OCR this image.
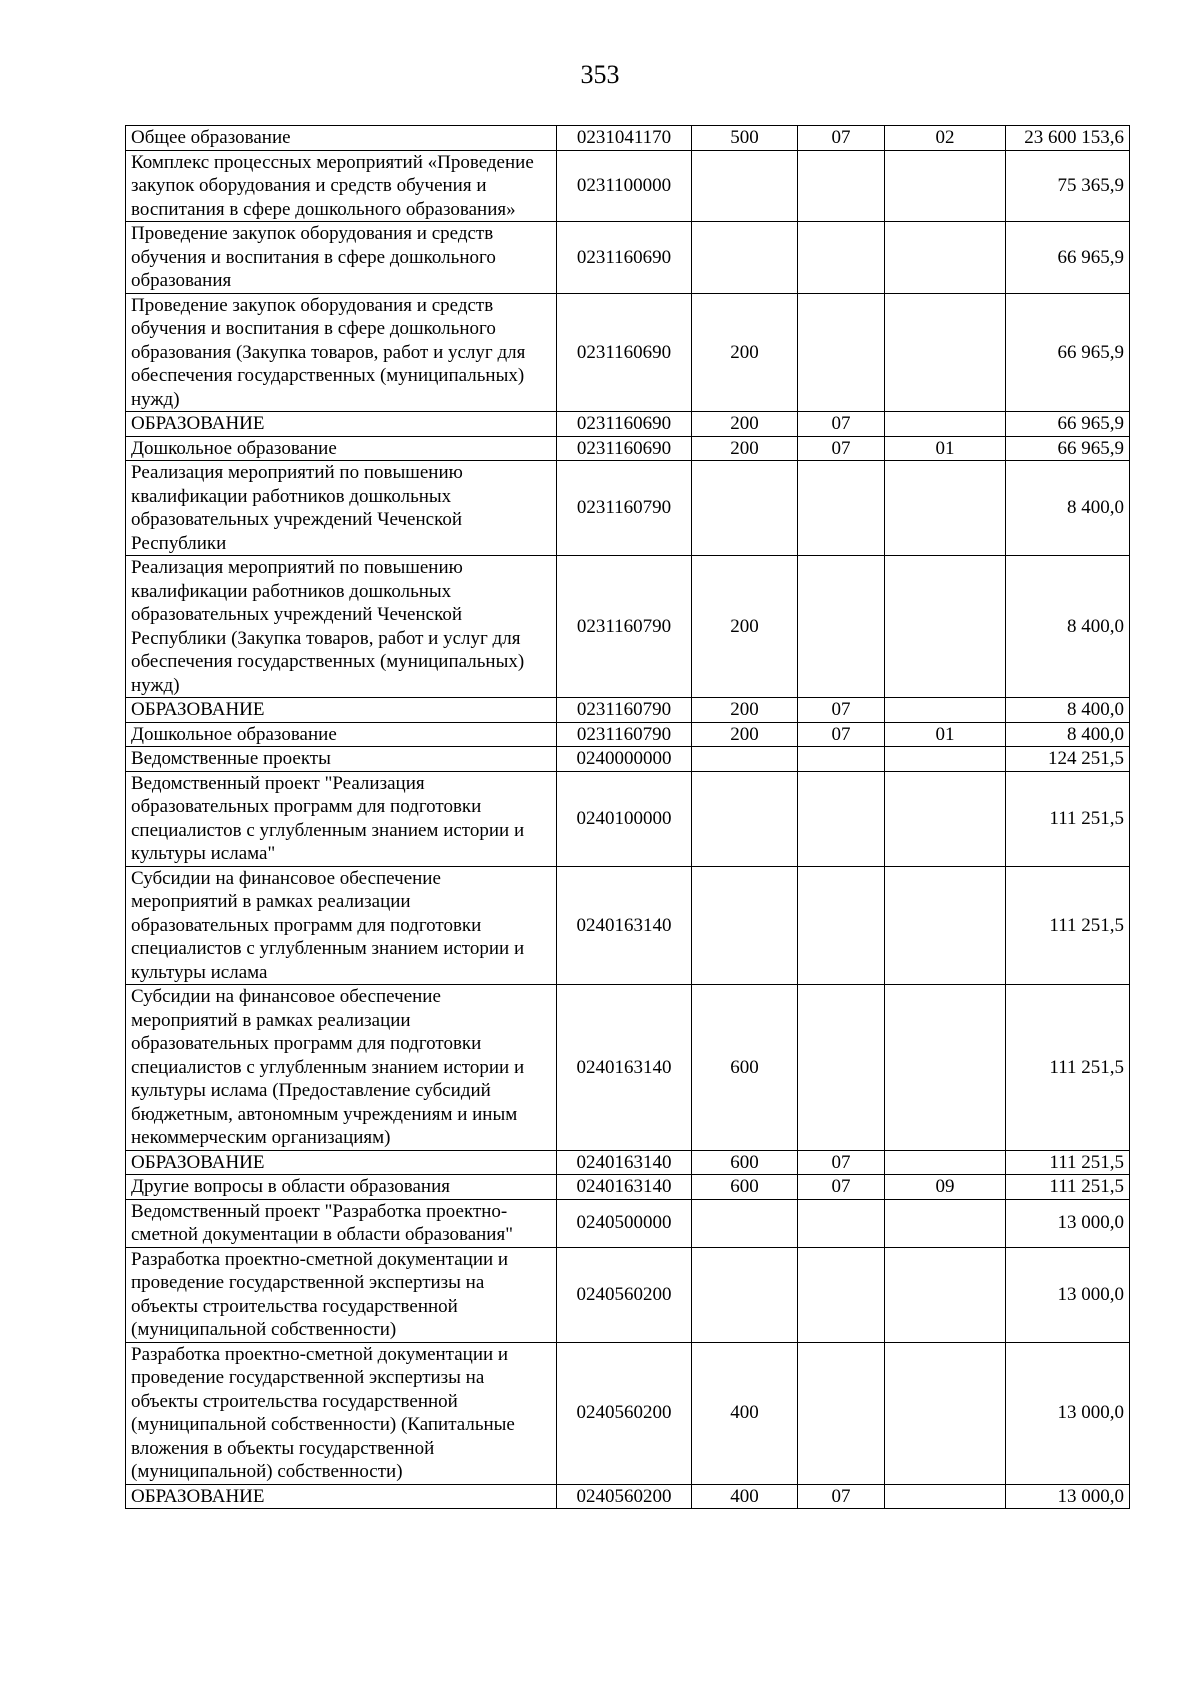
353
Общее образование	0231041170	500	07	02	23 600 153,6
Комплекс процессных мероприятий «Проведение закупок оборудования и средств обучения и воспитания в сфере дошкольного образования»	0231100000				75 365,9
Проведение закупок оборудования и средств обучения и воспитания в сфере дошкольного образования	0231160690				66 965,9
Проведение закупок оборудования и средств обучения и воспитания в сфере дошкольного образования (Закупка товаров, работ и услуг для обеспечения государственных (муниципальных) нужд)	0231160690	200			66 965,9
ОБРАЗОВАНИЕ	0231160690	200	07		66 965,9
Дошкольное образование	0231160690	200	07	01	66 965,9
Реализация мероприятий по повышению квалификации работников дошкольных образовательных учреждений Чеченской Республики	0231160790				8 400,0
Реализация мероприятий по повышению квалификации работников дошкольных образовательных учреждений Чеченской Республики (Закупка товаров, работ и услуг для обеспечения государственных (муниципальных) нужд)	0231160790	200			8 400,0
ОБРАЗОВАНИЕ	0231160790	200	07		8 400,0
Дошкольное образование	0231160790	200	07	01	8 400,0
Ведомственные проекты	0240000000				124 251,5
Ведомственный проект "Реализация образовательных программ для подготовки специалистов с углубленным знанием истории и культуры ислама"	0240100000				111 251,5
Субсидии на финансовое обеспечение мероприятий в рамках реализации образовательных программ для подготовки специалистов с углубленным знанием истории и культуры ислама	0240163140				111 251,5
Субсидии на финансовое обеспечение мероприятий в рамках реализации образовательных программ для подготовки специалистов с углубленным знанием истории и культуры ислама (Предоставление субсидий бюджетным, автономным учреждениям и иным некоммерческим организациям)	0240163140	600			111 251,5
ОБРАЗОВАНИЕ	0240163140	600	07		111 251,5
Другие вопросы в области образования	0240163140	600	07	09	111 251,5
Ведомственный проект "Разработка проектно-сметной документации в области образования"	0240500000				13 000,0
Разработка проектно-сметной документации и проведение государственной экспертизы на объекты строительства государственной (муниципальной собственности)	0240560200				13 000,0
Разработка проектно-сметной документации и проведение государственной экспертизы на объекты строительства государственной (муниципальной собственности) (Капитальные вложения в объекты государственной (муниципальной) собственности)	0240560200	400			13 000,0
ОБРАЗОВАНИЕ	0240560200	400	07		13 000,0
